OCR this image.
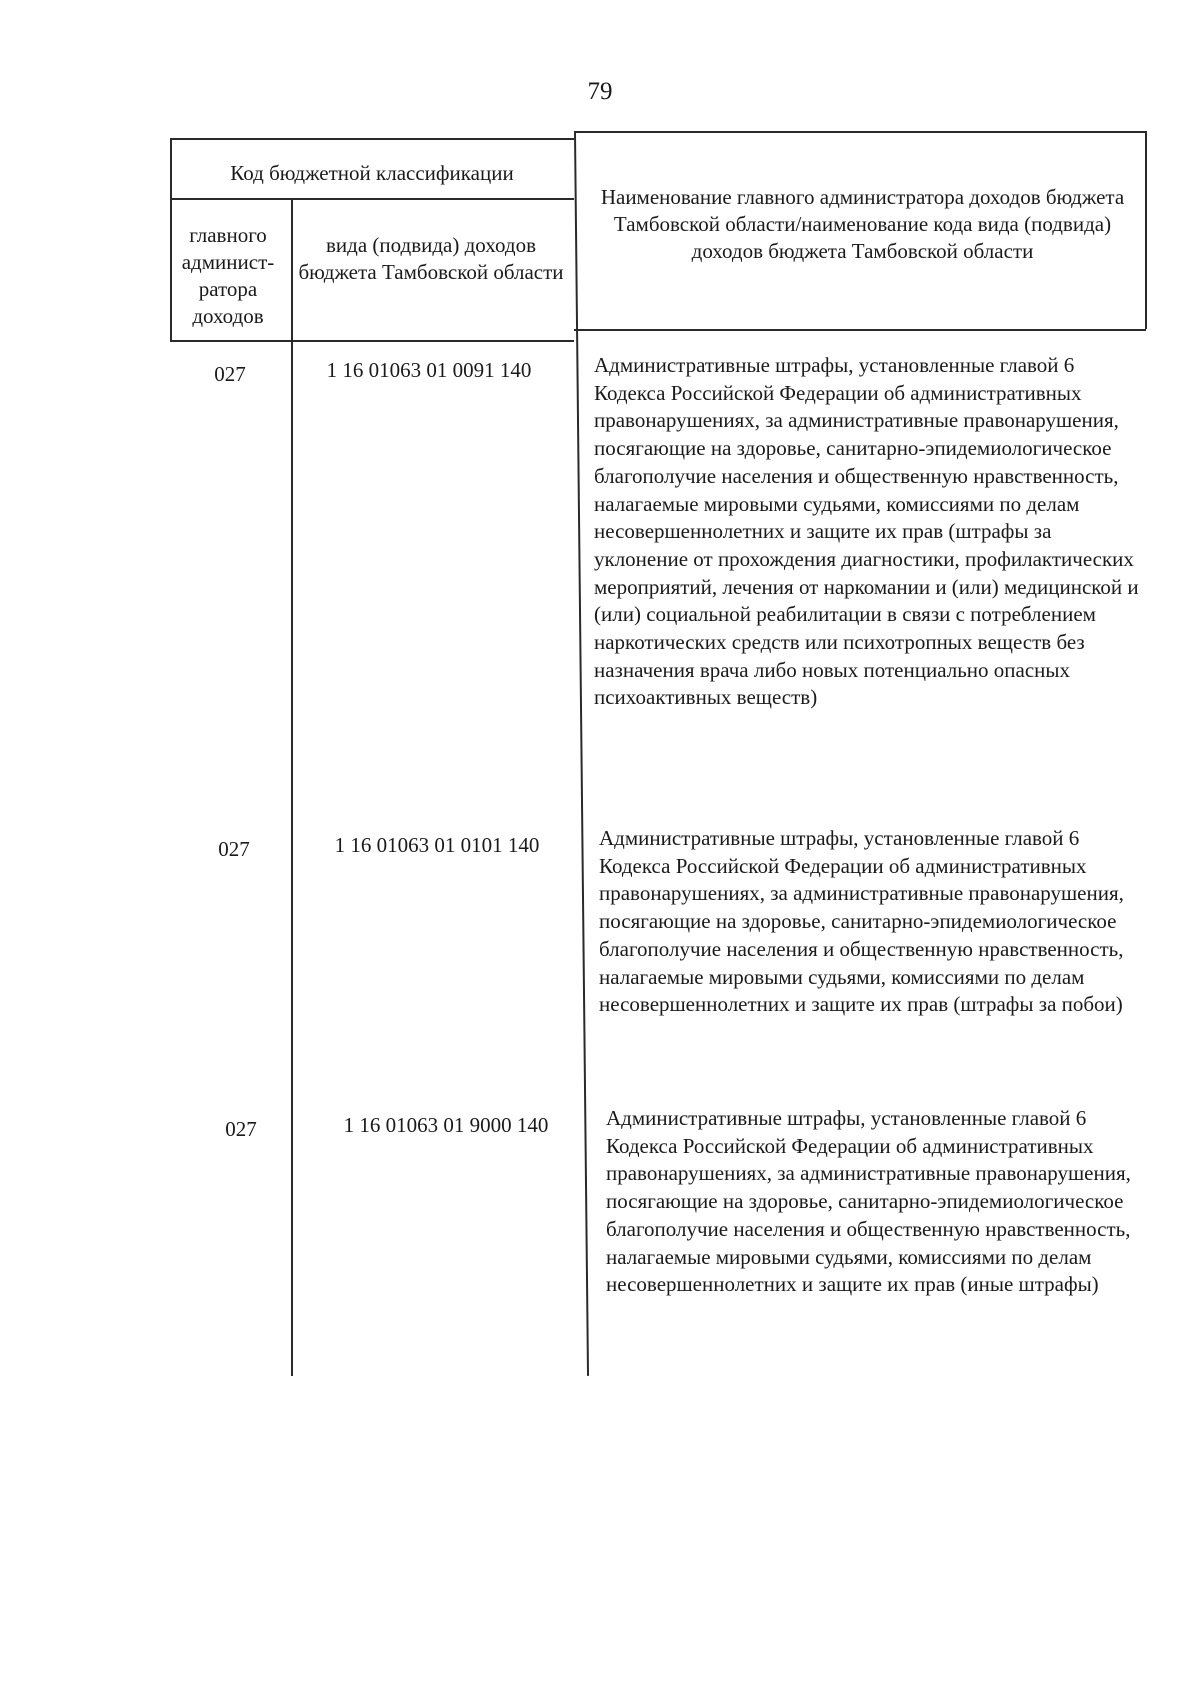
79
Код бюджетной классификации
главного админист-ратора доходов
вида (подвида) доходов бюджета Тамбовской области
Наименование главного администратора доходов бюджета Тамбовской области/наименование кода вида (подвида) доходов бюджета Тамбовской области
027	1 16 01063 01 0091 140	Административные штрафы, установленные главой 6 Кодекса Российской Федерации об административных правонарушениях, за административные правонарушения, посягающие на здоровье, санитарно-эпидемиологическое благополучие населения и общественную нравственность, налагаемые мировыми судьями, комиссиями по делам несовершеннолетних и защите их прав (штрафы за уклонение от прохождения диагностики, профилактических мероприятий, лечения от наркомании и (или) медицинской и (или) социальной реабилитации в связи с потреблением наркотических средств или психотропных веществ без назначения врача либо новых потенциально опасных психоактивных веществ)
027	1 16 01063 01 0101 140	Административные штрафы, установленные главой 6 Кодекса Российской Федерации об административных правонарушениях, за административные правонарушения, посягающие на здоровье, санитарно-эпидемиологическое благополучие населения и общественную нравственность, налагаемые мировыми судьями, комиссиями по делам несовершеннолетних и защите их прав (штрафы за побои)
027	1 16 01063 01 9000 140	Административные штрафы, установленные главой 6 Кодекса Российской Федерации об административных правонарушениях, за административные правонарушения, посягающие на здоровье, санитарно-эпидемиологическое благополучие населения и общественную нравственность, налагаемые мировыми судьями, комиссиями по делам несовершеннолетних и защите их прав (иные штрафы)
